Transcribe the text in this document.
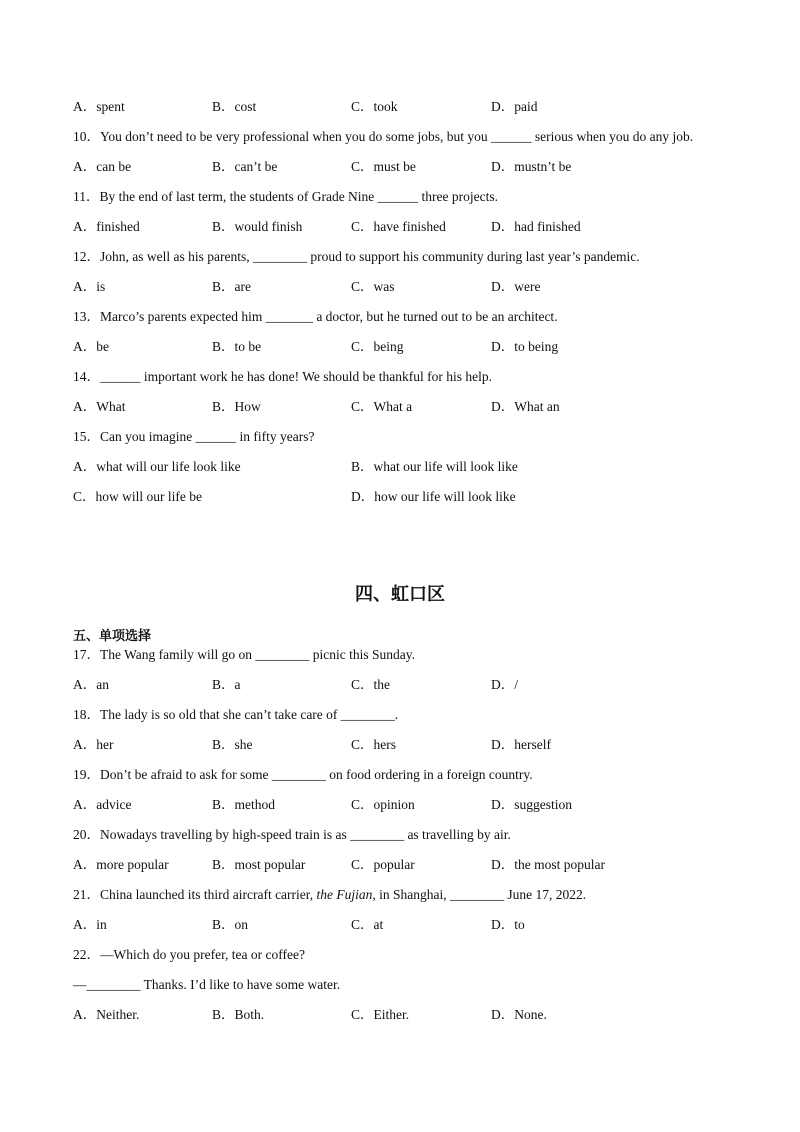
A．spent	B．cost	C．took	D．paid
10．You don’t need to be very professional when you do some jobs, but you ______ serious when you do any job.
A．can be	B．can’t be	C．must be	D．mustn’t be
11．By the end of last term, the students of Grade Nine ______ three projects.
A．finished	B．would finish	C．have finished	D．had finished
12．John, as well as his parents, ________ proud to support his community during last year’s pandemic.
A．is	B．are	C．was	D．were
13．Marco’s parents expected him _______ a doctor, but he turned out to be an architect.
A．be	B．to be	C．being	D．to being
14．______ important work he has done! We should be thankful for his help.
A．What	B．How	C．What a	D．What an
15．Can you imagine ______ in fifty years?
A．what will our life look like	B．what our life will look like
C．how will our life be	D．how our life will look like
四、虹口区
五、单项选择
17．The Wang family will go on ________ picnic this Sunday.
A．an	B．a	C．the	D．/
18．The lady is so old that she can’t take care of ________.
A．her	B．she	C．hers	D．herself
19．Don’t be afraid to ask for some ________ on food ordering in a foreign country.
A．advice	B．method	C．opinion	D．suggestion
20．Nowadays travelling by high-speed train is as ________ as travelling by air.
A．more popular	B．most popular	C．popular	D．the most popular
21．China launched its third aircraft carrier, the Fujian, in Shanghai, ________ June 17, 2022.
A．in	B．on	C．at	D．to
22．—Which do you prefer, tea or coffee?
—________ Thanks. I’d like to have some water.
A．Neither.	B．Both.	C．Either.	D．None.
